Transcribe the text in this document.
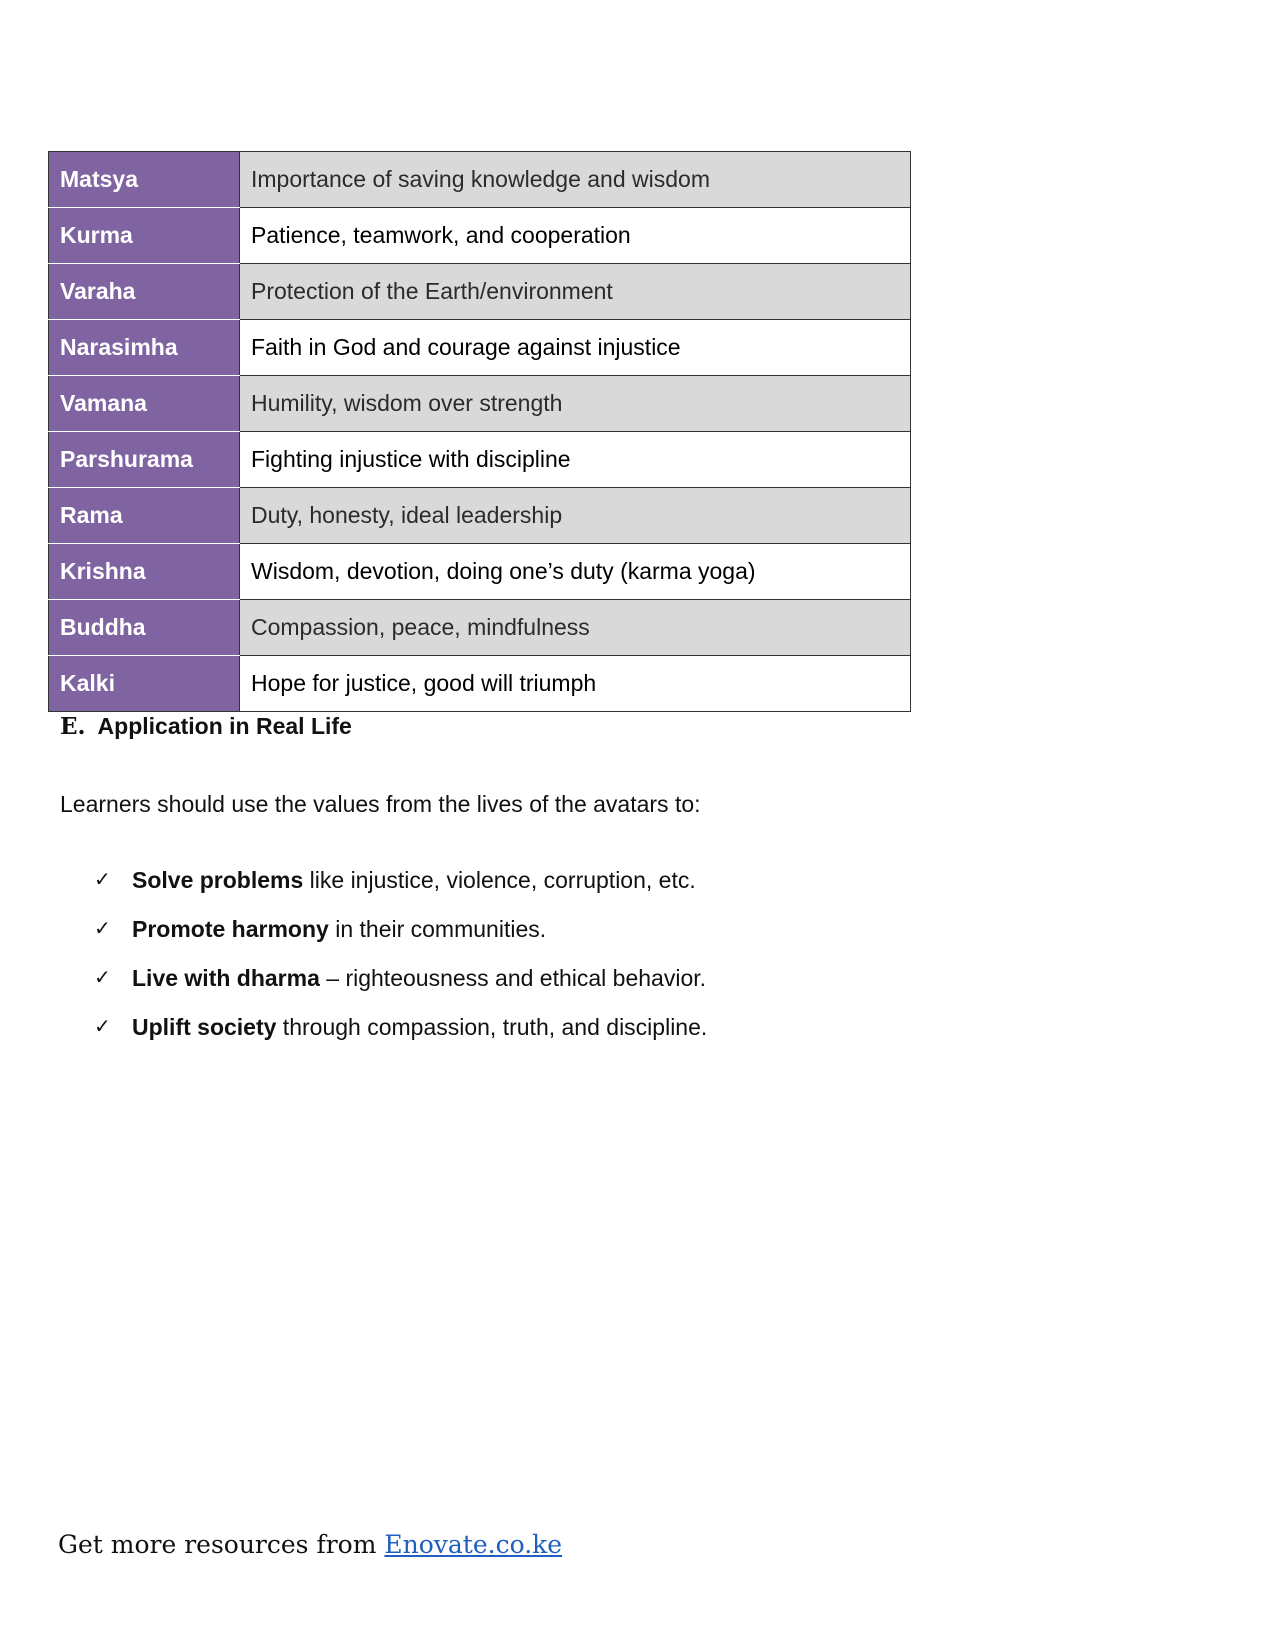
Matsya	Importance of saving knowledge and wisdom
Kurma	Patience, teamwork, and cooperation
Varaha	Protection of the Earth/environment
Narasimha	Faith in God and courage against injustice
Vamana	Humility, wisdom over strength
Parshurama	Fighting injustice with discipline
Rama	Duty, honesty, ideal leadership
Krishna	Wisdom, devotion, doing one’s duty (karma yoga)
Buddha	Compassion, peace, mindfulness
Kalki	Hope for justice, good will triumph
E. Application in Real Life

Learners should use the values from the lives of the avatars to:

✓ Solve problems like injustice, violence, corruption, etc.
✓ Promote harmony in their communities.
✓ Live with dharma – righteousness and ethical behavior.
✓ Uplift society through compassion, truth, and discipline.

Get more resources from Enovate.co.ke
